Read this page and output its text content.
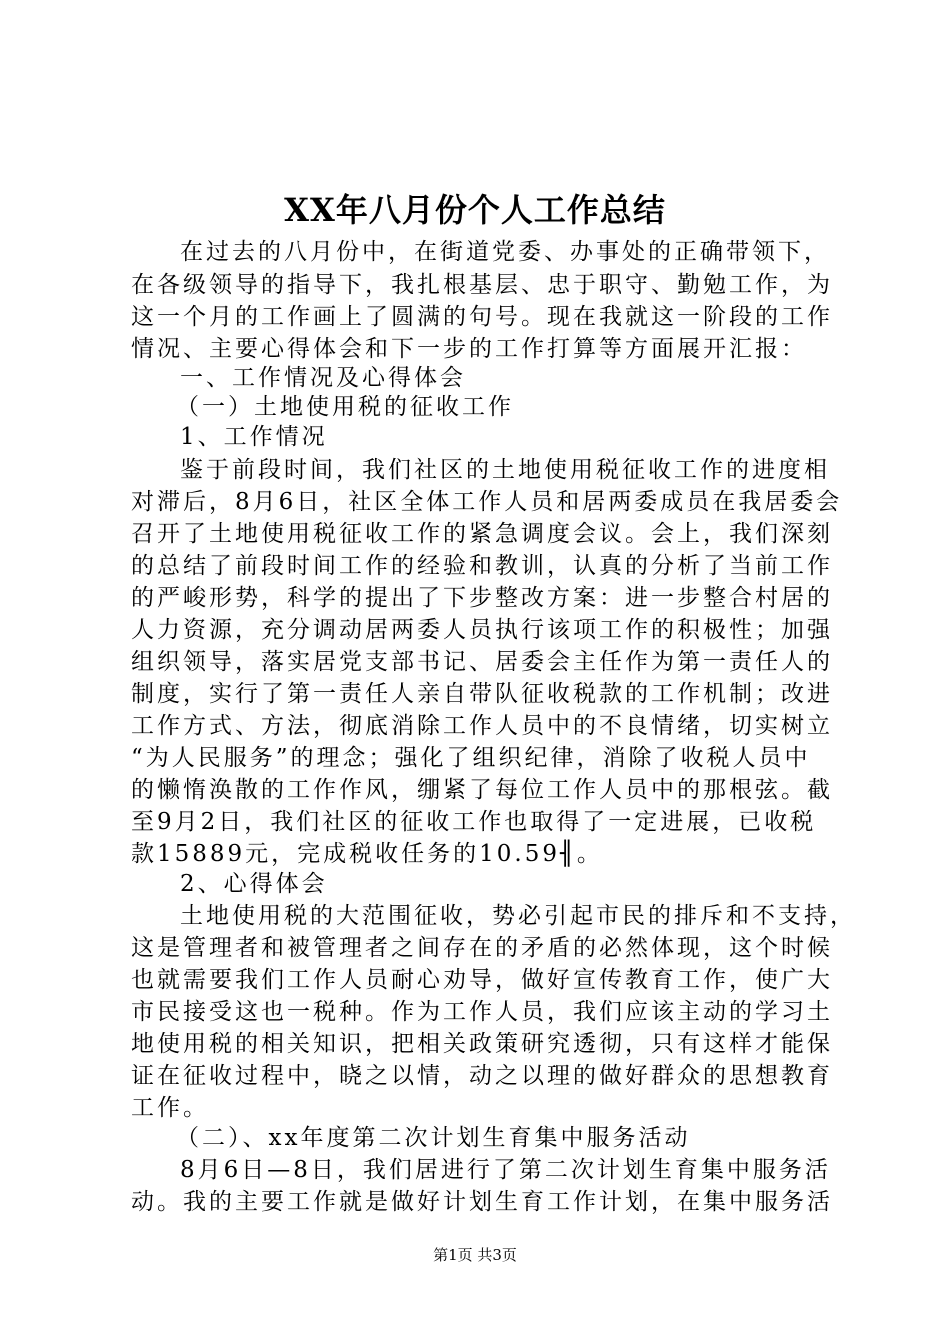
XX年八月份个人工作总结
在过去的八月份中，在街道党委、办事处的正确带领下，
在各级领导的指导下，我扎根基层、忠于职守、勤勉工作，为
这一个月的工作画上了圆满的句号。现在我就这一阶段的工作
情况、主要心得体会和下一步的工作打算等方面展开汇报：
一、工作情况及心得体会
（一）土地使用税的征收工作
1、工作情况
鉴于前段时间，我们社区的土地使用税征收工作的进度相
对滞后，8月6日，社区全体工作人员和居两委成员在我居委会
召开了土地使用税征收工作的紧急调度会议。会上，我们深刻
的总结了前段时间工作的经验和教训，认真的分析了当前工作
的严峻形势，科学的提出了下步整改方案：进一步整合村居的
人力资源，充分调动居两委人员执行该项工作的积极性；加强
组织领导，落实居党支部书记、居委会主任作为第一责任人的
制度，实行了第一责任人亲自带队征收税款的工作机制；改进
工作方式、方法，彻底消除工作人员中的不良情绪，切实树立
“为人民服务”的理念；强化了组织纪律，消除了收税人员中
的懒惰涣散的工作作风，绷紧了每位工作人员中的那根弦。截
至9月2日，我们社区的征收工作也取得了一定进展，已收税
款15889元，完成税收任务的10.59╢。
2、心得体会
土地使用税的大范围征收，势必引起市民的排斥和不支持，
这是管理者和被管理者之间存在的矛盾的必然体现，这个时候
也就需要我们工作人员耐心劝导，做好宣传教育工作，使广大
市民接受这也一税种。作为工作人员，我们应该主动的学习土
地使用税的相关知识，把相关政策研究透彻，只有这样才能保
证在征收过程中，晓之以情，动之以理的做好群众的思想教育
工作。
（二）、xx年度第二次计划生育集中服务活动
8月6日—8日，我们居进行了第二次计划生育集中服务活
动。我的主要工作就是做好计划生育工作计划，在集中服务活
第1页 共3页
